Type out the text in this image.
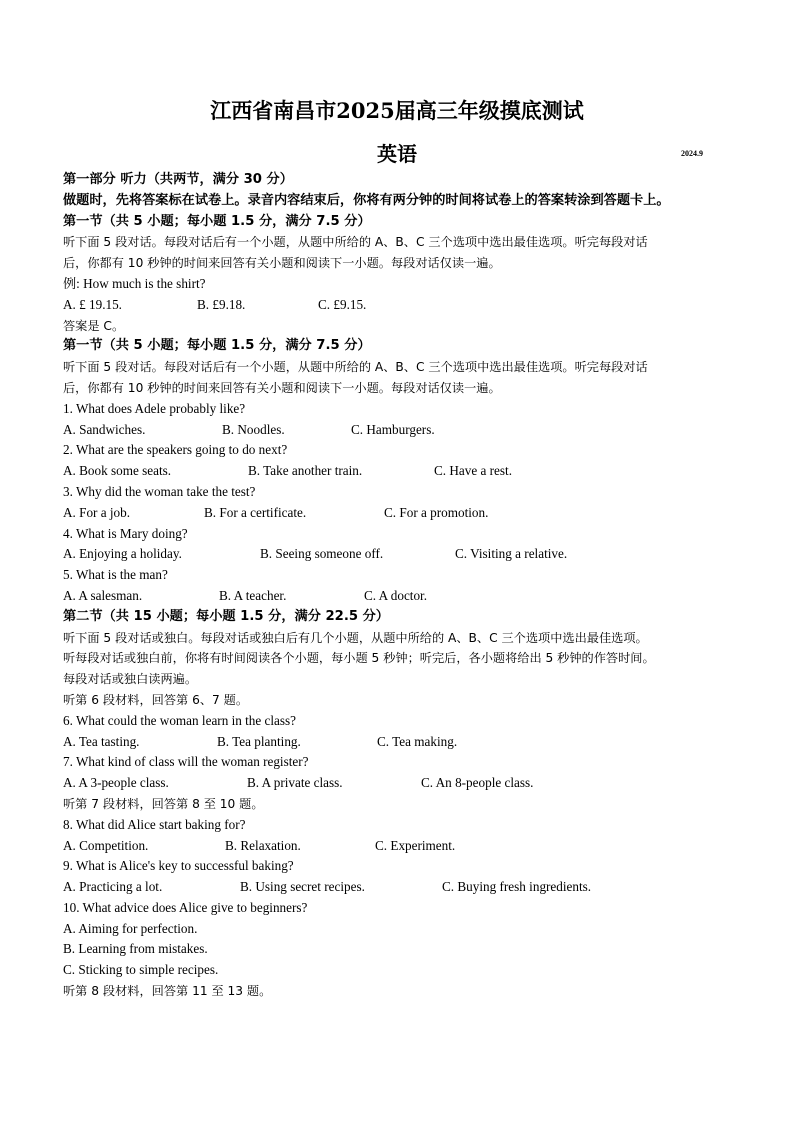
江西省南昌市2025届高三年级摸底测试
英语	2024.9
第一部分 听力（共两节，满分 30 分）
做题时，先将答案标在试卷上。录音内容结束后，你将有两分钟的时间将试卷上的答案转涂到答题卡上。
第一节（共 5 小题；每小题 1.5 分，满分 7.5 分）
听下面 5 段对话。每段对话后有一个小题，从题中所给的 A、B、C 三个选项中选出最佳选项。听完每段对话
后，你都有 10 秒钟的时间来回答有关小题和阅读下一小题。每段对话仅读一遍。
例: How much is the shirt?
A. £ 19.15.	B. £9.18.	C. £9.15.
答案是 C。
第一节（共 5 小题；每小题 1.5 分，满分 7.5 分）
听下面 5 段对话。每段对话后有一个小题，从题中所给的 A、B、C 三个选项中选出最佳选项。听完每段对话
后，你都有 10 秒钟的时间来回答有关小题和阅读下一小题。每段对话仅读一遍。
1. What does Adele probably like?
A. Sandwiches.	B. Noodles.	C. Hamburgers.
2. What are the speakers going to do next?
A. Book some seats.	B. Take another train.	C. Have a rest.
3. Why did the woman take the test?
A. For a job.	B. For a certificate.	C. For a promotion.
4. What is Mary doing?
A. Enjoying a holiday.	B. Seeing someone off.	C. Visiting a relative.
5. What is the man?
A. A salesman.	B. A teacher.	C. A doctor.
第二节（共 15 小题；每小题 1.5 分，满分 22.5 分）
听下面 5 段对话或独白。每段对话或独白后有几个小题，从题中所给的 A、B、C 三个选项中选出最佳选项。
听每段对话或独白前，你将有时间阅读各个小题，每小题 5 秒钟；听完后，各小题将给出 5 秒钟的作答时间。
每段对话或独白读两遍。
听第 6 段材料，回答第 6、7 题。
6. What could the woman learn in the class?
A. Tea tasting.	B. Tea planting.	C. Tea making.
7. What kind of class will the woman register?
A. A 3-people class.	B. A private class.	C. An 8-people class.
听第 7 段材料，回答第 8 至 10 题。
8. What did Alice start baking for?
A. Competition.	B. Relaxation.	C. Experiment.
9. What is Alice's key to successful baking?
A. Practicing a lot.	B. Using secret recipes.	C. Buying fresh ingredients.
10. What advice does Alice give to beginners?
A. Aiming for perfection.
B. Learning from mistakes.
C. Sticking to simple recipes.
听第 8 段材料，回答第 11 至 13 题。
